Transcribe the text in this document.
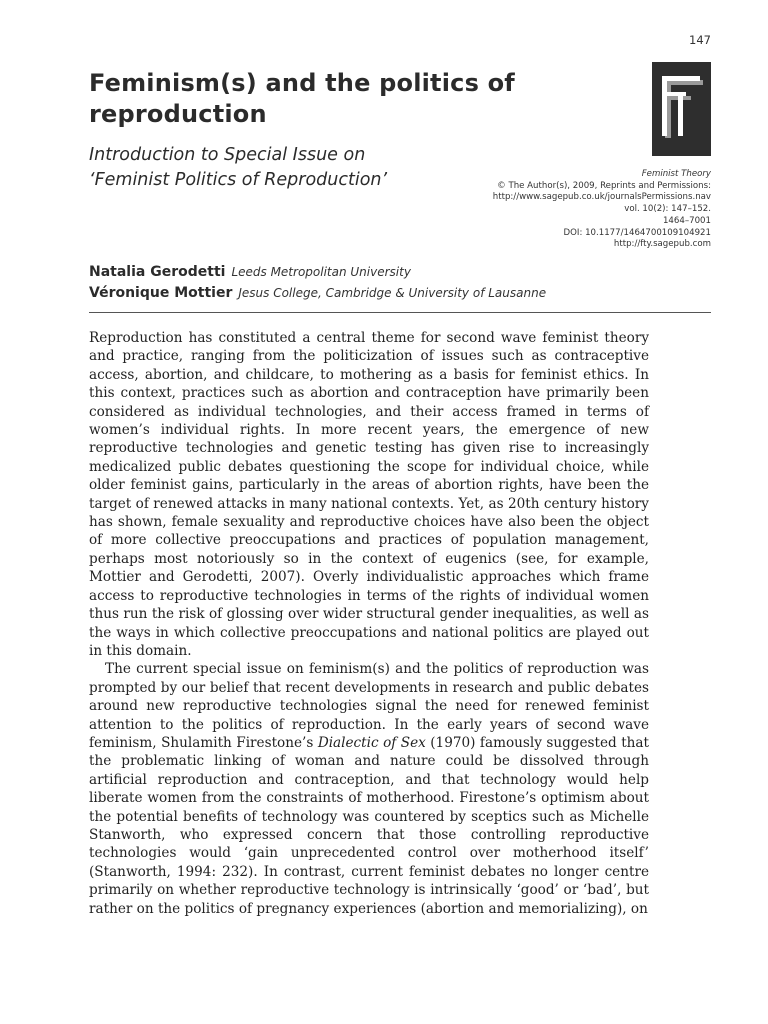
147
Feminism(s) and the politics of reproduction
Introduction to Special Issue on ‘Feminist Politics of Reproduction’	Feminist Theory
© The Author(s), 2009, Reprints and Permissions:
http://www.sagepub.co.uk/journalsPermissions.nav
vol. 10(2): 147–152.
1464–7001
DOI: 10.1177/1464700109104921
http://fty.sagepub.com
Natalia Gerodetti Leeds Metropolitan University
Véronique Mottier Jesus College, Cambridge & University of Lausanne

Reproduction has constituted a central theme for second wave feminist theory and practice, ranging from the politicization of issues such as contraceptive access, abortion, and childcare, to mothering as a basis for feminist ethics. In this context, practices such as abortion and contraception have primarily been considered as individual technologies, and their access framed in terms of women’s individual rights. In more recent years, the emergence of new reproductive technologies and genetic testing has given rise to increasingly medicalized public debates questioning the scope for individual choice, while older feminist gains, particularly in the areas of abortion rights, have been the target of renewed attacks in many national contexts. Yet, as 20th century history has shown, female sexuality and reproductive choices have also been the object of more collective preoccupations and practices of population management, perhaps most notoriously so in the context of eugenics (see, for example, Mottier and Gerodetti, 2007). Overly individualistic approaches which frame access to reproductive technologies in terms of the rights of individual women thus run the risk of glossing over wider structural gender inequalities, as well as the ways in which collective preoccupations and national politics are played out in this domain.

The current special issue on feminism(s) and the politics of reproduction was prompted by our belief that recent developments in research and public debates around new reproductive technologies signal the need for renewed feminist attention to the politics of reproduction. In the early years of second wave feminism, Shulamith Firestone’s Dialectic of Sex (1970) famously suggested that the problematic linking of woman and nature could be dissolved through artificial reproduction and contraception, and that technology would help liberate women from the constraints of motherhood. Firestone’s optimism about the potential benefits of technology was countered by sceptics such as Michelle Stanworth, who expressed concern that those controlling reproductive technologies would ‘gain unprecedented control over motherhood itself’ (Stanworth, 1994: 232). In contrast, current feminist debates no longer centre primarily on whether reproductive technology is intrinsically ‘good’ or ‘bad’, but rather on the politics of pregnancy experiences (abortion and memorializing), on
